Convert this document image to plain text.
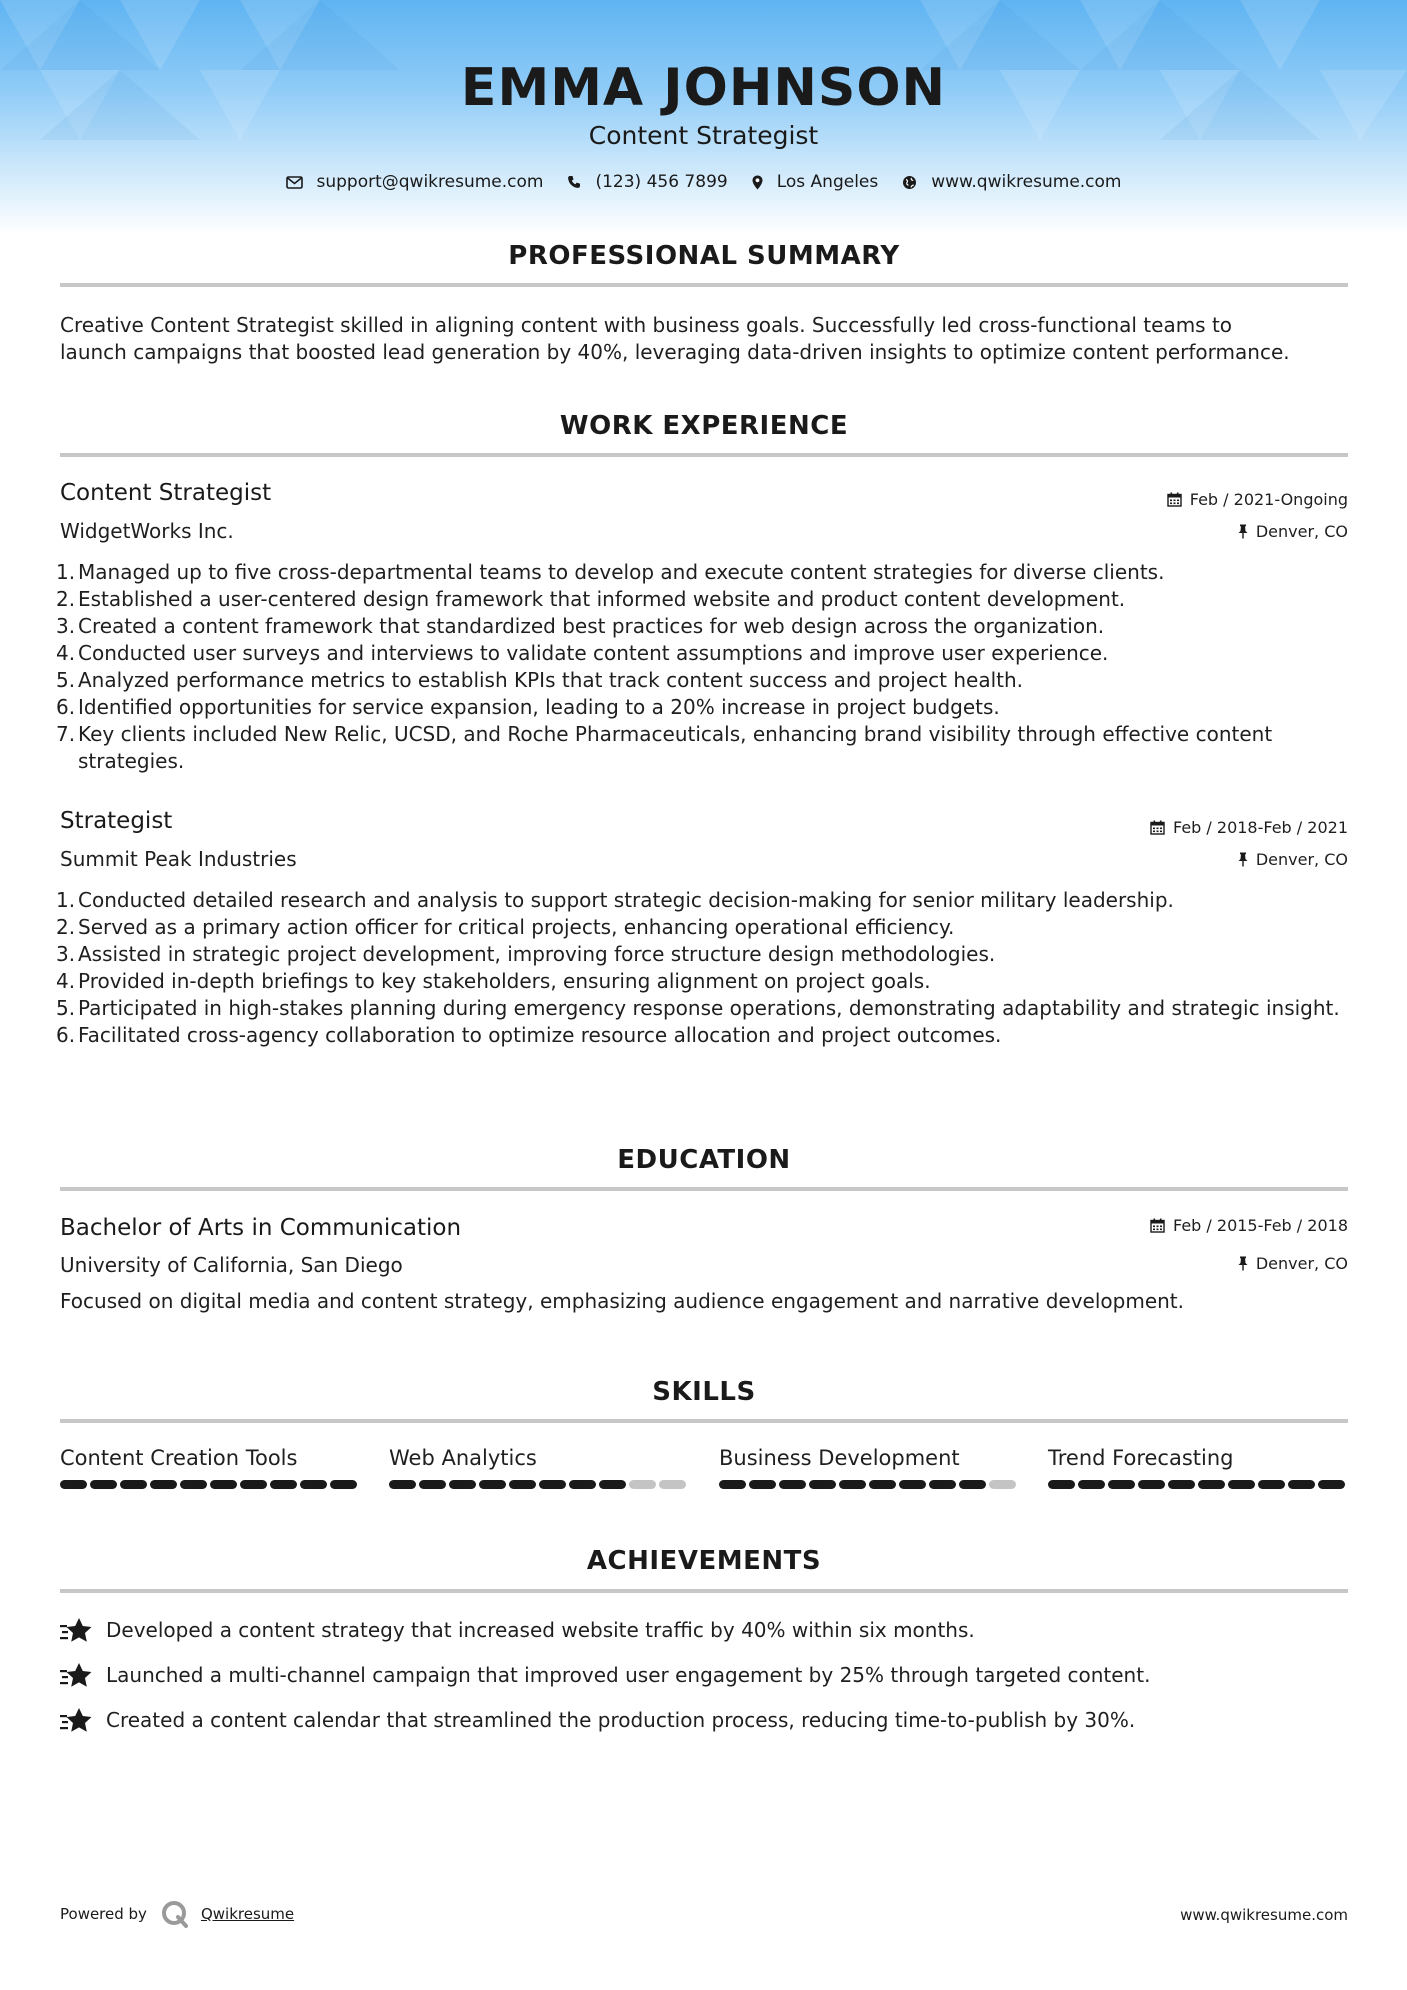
EMMA JOHNSON
Content Strategist
support@qwikresume.com	(123) 456 7899	Los Angeles	www.qwikresume.com
PROFESSIONAL SUMMARY
Creative Content Strategist skilled in aligning content with business goals. Successfully led cross-functional teams to
launch campaigns that boosted lead generation by 40%, leveraging data-driven insights to optimize content performance.
WORK EXPERIENCE
Content Strategist	Feb / 2021-Ongoing
WidgetWorks Inc.	Denver, CO
1. Managed up to five cross-departmental teams to develop and execute content strategies for diverse clients.
2. Established a user-centered design framework that informed website and product content development.
3. Created a content framework that standardized best practices for web design across the organization.
4. Conducted user surveys and interviews to validate content assumptions and improve user experience.
5. Analyzed performance metrics to establish KPIs that track content success and project health.
6. Identified opportunities for service expansion, leading to a 20% increase in project budgets.
7. Key clients included New Relic, UCSD, and Roche Pharmaceuticals, enhancing brand visibility through effective content strategies.
Strategist	Feb / 2018-Feb / 2021
Summit Peak Industries	Denver, CO
1. Conducted detailed research and analysis to support strategic decision-making for senior military leadership.
2. Served as a primary action officer for critical projects, enhancing operational efficiency.
3. Assisted in strategic project development, improving force structure design methodologies.
4. Provided in-depth briefings to key stakeholders, ensuring alignment on project goals.
5. Participated in high-stakes planning during emergency response operations, demonstrating adaptability and strategic insight.
6. Facilitated cross-agency collaboration to optimize resource allocation and project outcomes.
EDUCATION
Bachelor of Arts in Communication	Feb / 2015-Feb / 2018
University of California, San Diego	Denver, CO
Focused on digital media and content strategy, emphasizing audience engagement and narrative development.
SKILLS
Content Creation Tools	Web Analytics	Business Development	Trend Forecasting
ACHIEVEMENTS
Developed a content strategy that increased website traffic by 40% within six months.
Launched a multi-channel campaign that improved user engagement by 25% through targeted content.
Created a content calendar that streamlined the production process, reducing time-to-publish by 30%.
Powered by	Qwikresume	www.qwikresume.com
